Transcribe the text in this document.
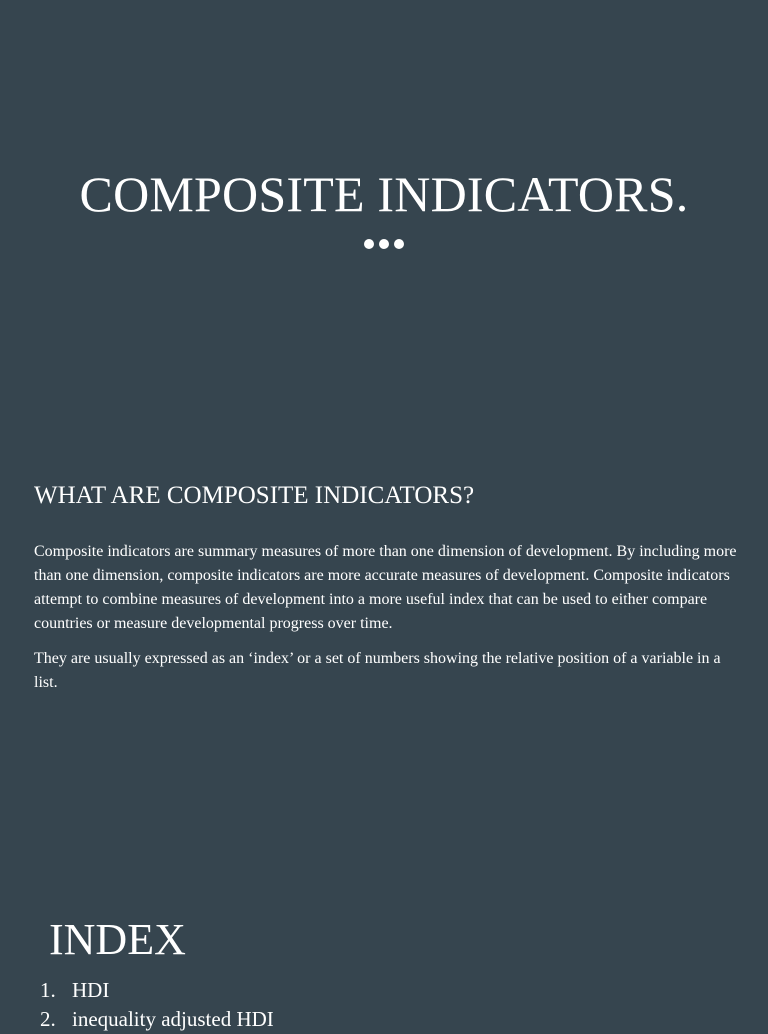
COMPOSITE INDICATORS.
WHAT ARE COMPOSITE INDICATORS?

Composite indicators are summary measures of more than one dimension of development. By including more than one dimension, composite indicators are more accurate measures of development. Composite indicators attempt to combine measures of development into a more useful index that can be used to either compare countries or measure developmental progress over time.

They are usually expressed as an ‘index’ or a set of numbers showing the relative position of a variable in a list.

INDEX
1. HDI
2. inequality adjusted HDI
